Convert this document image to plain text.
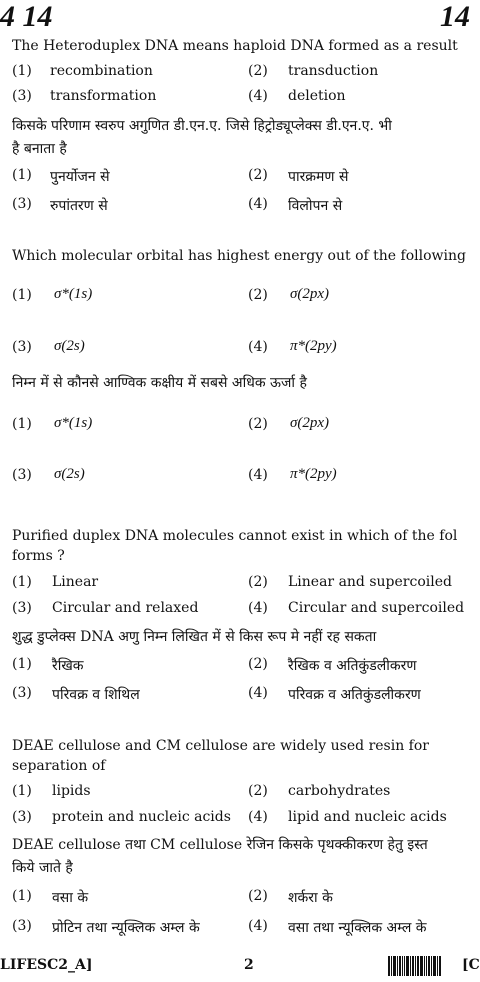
4 14	14
The Heteroduplex DNA means haploid DNA formed as a result
(1) recombination	(2) transduction
(3) transformation	(4) deletion
किसके परिणाम स्वरुप अगुणित डी.एन.ए. जिसे हिट्रोड्यूप्लेक्स डी.एन.ए. भी
है बनाता है
(1) पुनर्योजन से	(2) पारक्रमण से
(3) रुपांतरण से	(4) विलोपन से
Which molecular orbital has highest energy out of the following
(1) σ*(1s)	(2) σ(2px)
(3) σ(2s)	(4) π*(2py)
निम्न में से कौनसे आण्विक कक्षीय में सबसे अधिक ऊर्जा है
(1) σ*(1s)	(2) σ(2px)
(3) σ(2s)	(4) π*(2py)
Purified duplex DNA molecules cannot exist in which of the fol
forms ?
(1) Linear	(2) Linear and supercoiled
(3) Circular and relaxed	(4) Circular and supercoiled
शुद्ध डुप्लेक्स DNA अणु निम्न लिखित में से किस रूप मे नहीं रह सकता
(1) रैखिक	(2) रैखिक व अतिकुंडलीकरण
(3) परिवक्र व शिथिल	(4) परिवक्र व अतिकुंडलीकरण
DEAE cellulose and CM cellulose are widely used resin for
separation of
(1) lipids	(2) carbohydrates
(3) protein and nucleic acids (4) lipid and nucleic acids
DEAE cellulose तथा CM cellulose रेजिन किसके पृथक्कीकरण हेतु इस्त
किये जाते है
(1) वसा के	(2) शर्करा के
(3) प्रोटिन तथा न्यूक्लिक अम्ल के	(4) वसा तथा न्यूक्लिक अम्ल के
LIFESC2_A]	2	[C
